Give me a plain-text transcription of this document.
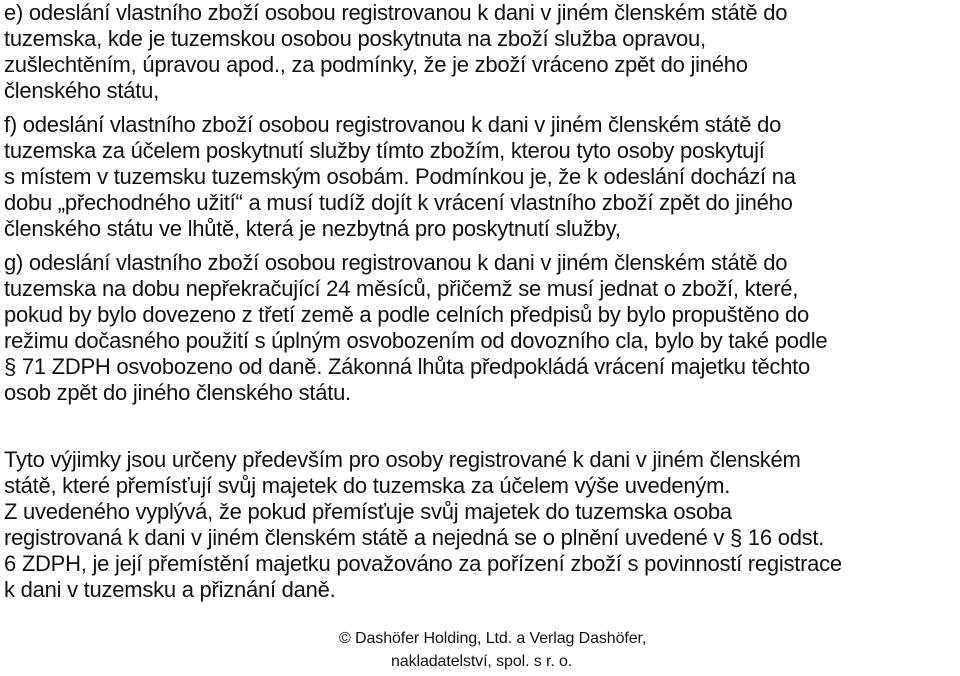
e) odeslání vlastního zboží osobou registrovanou k dani v jiném členském státě do
tuzemska, kde je tuzemskou osobou poskytnuta na zboží služba opravou,
zušlechtěním, úpravou apod., za podmínky, že je zboží vráceno zpět do jiného
členského státu,
f) odeslání vlastního zboží osobou registrovanou k dani v jiném členském státě do
tuzemska za účelem poskytnutí služby tímto zbožím, kterou tyto osoby poskytují
s místem v tuzemsku tuzemským osobám. Podmínkou je, že k odeslání dochází na
dobu „přechodného užití“ a musí tudíž dojít k vrácení vlastního zboží zpět do jiného
členského státu ve lhůtě, která je nezbytná pro poskytnutí služby,
g) odeslání vlastního zboží osobou registrovanou k dani v jiném členském státě do
tuzemska na dobu nepřekračující 24 měsíců, přičemž se musí jednat o zboží, které,
pokud by bylo dovezeno z třetí země a podle celních předpisů by bylo propuštěno do
režimu dočasného použití s úplným osvobozením od dovozního cla, bylo by také podle
§ 71 ZDPH osvobozeno od daně. Zákonná lhůta předpokládá vrácení majetku těchto
osob zpět do jiného členského státu.
Tyto výjimky jsou určeny především pro osoby registrované k dani v jiném členském
státě, které přemísťují svůj majetek do tuzemska za účelem výše uvedeným.
Z uvedeného vyplývá, že pokud přemísťuje svůj majetek do tuzemska osoba
registrovaná k dani v jiném členském státě a nejedná se o plnění uvedené v § 16 odst.
6 ZDPH, je její přemístění majetku považováno za pořízení zboží s povinností registrace
k dani v tuzemsku a přiznání daně.
© Dashöfer Holding, Ltd. a Verlag Dashöfer,
nakladatelství, spol. s r. o.
